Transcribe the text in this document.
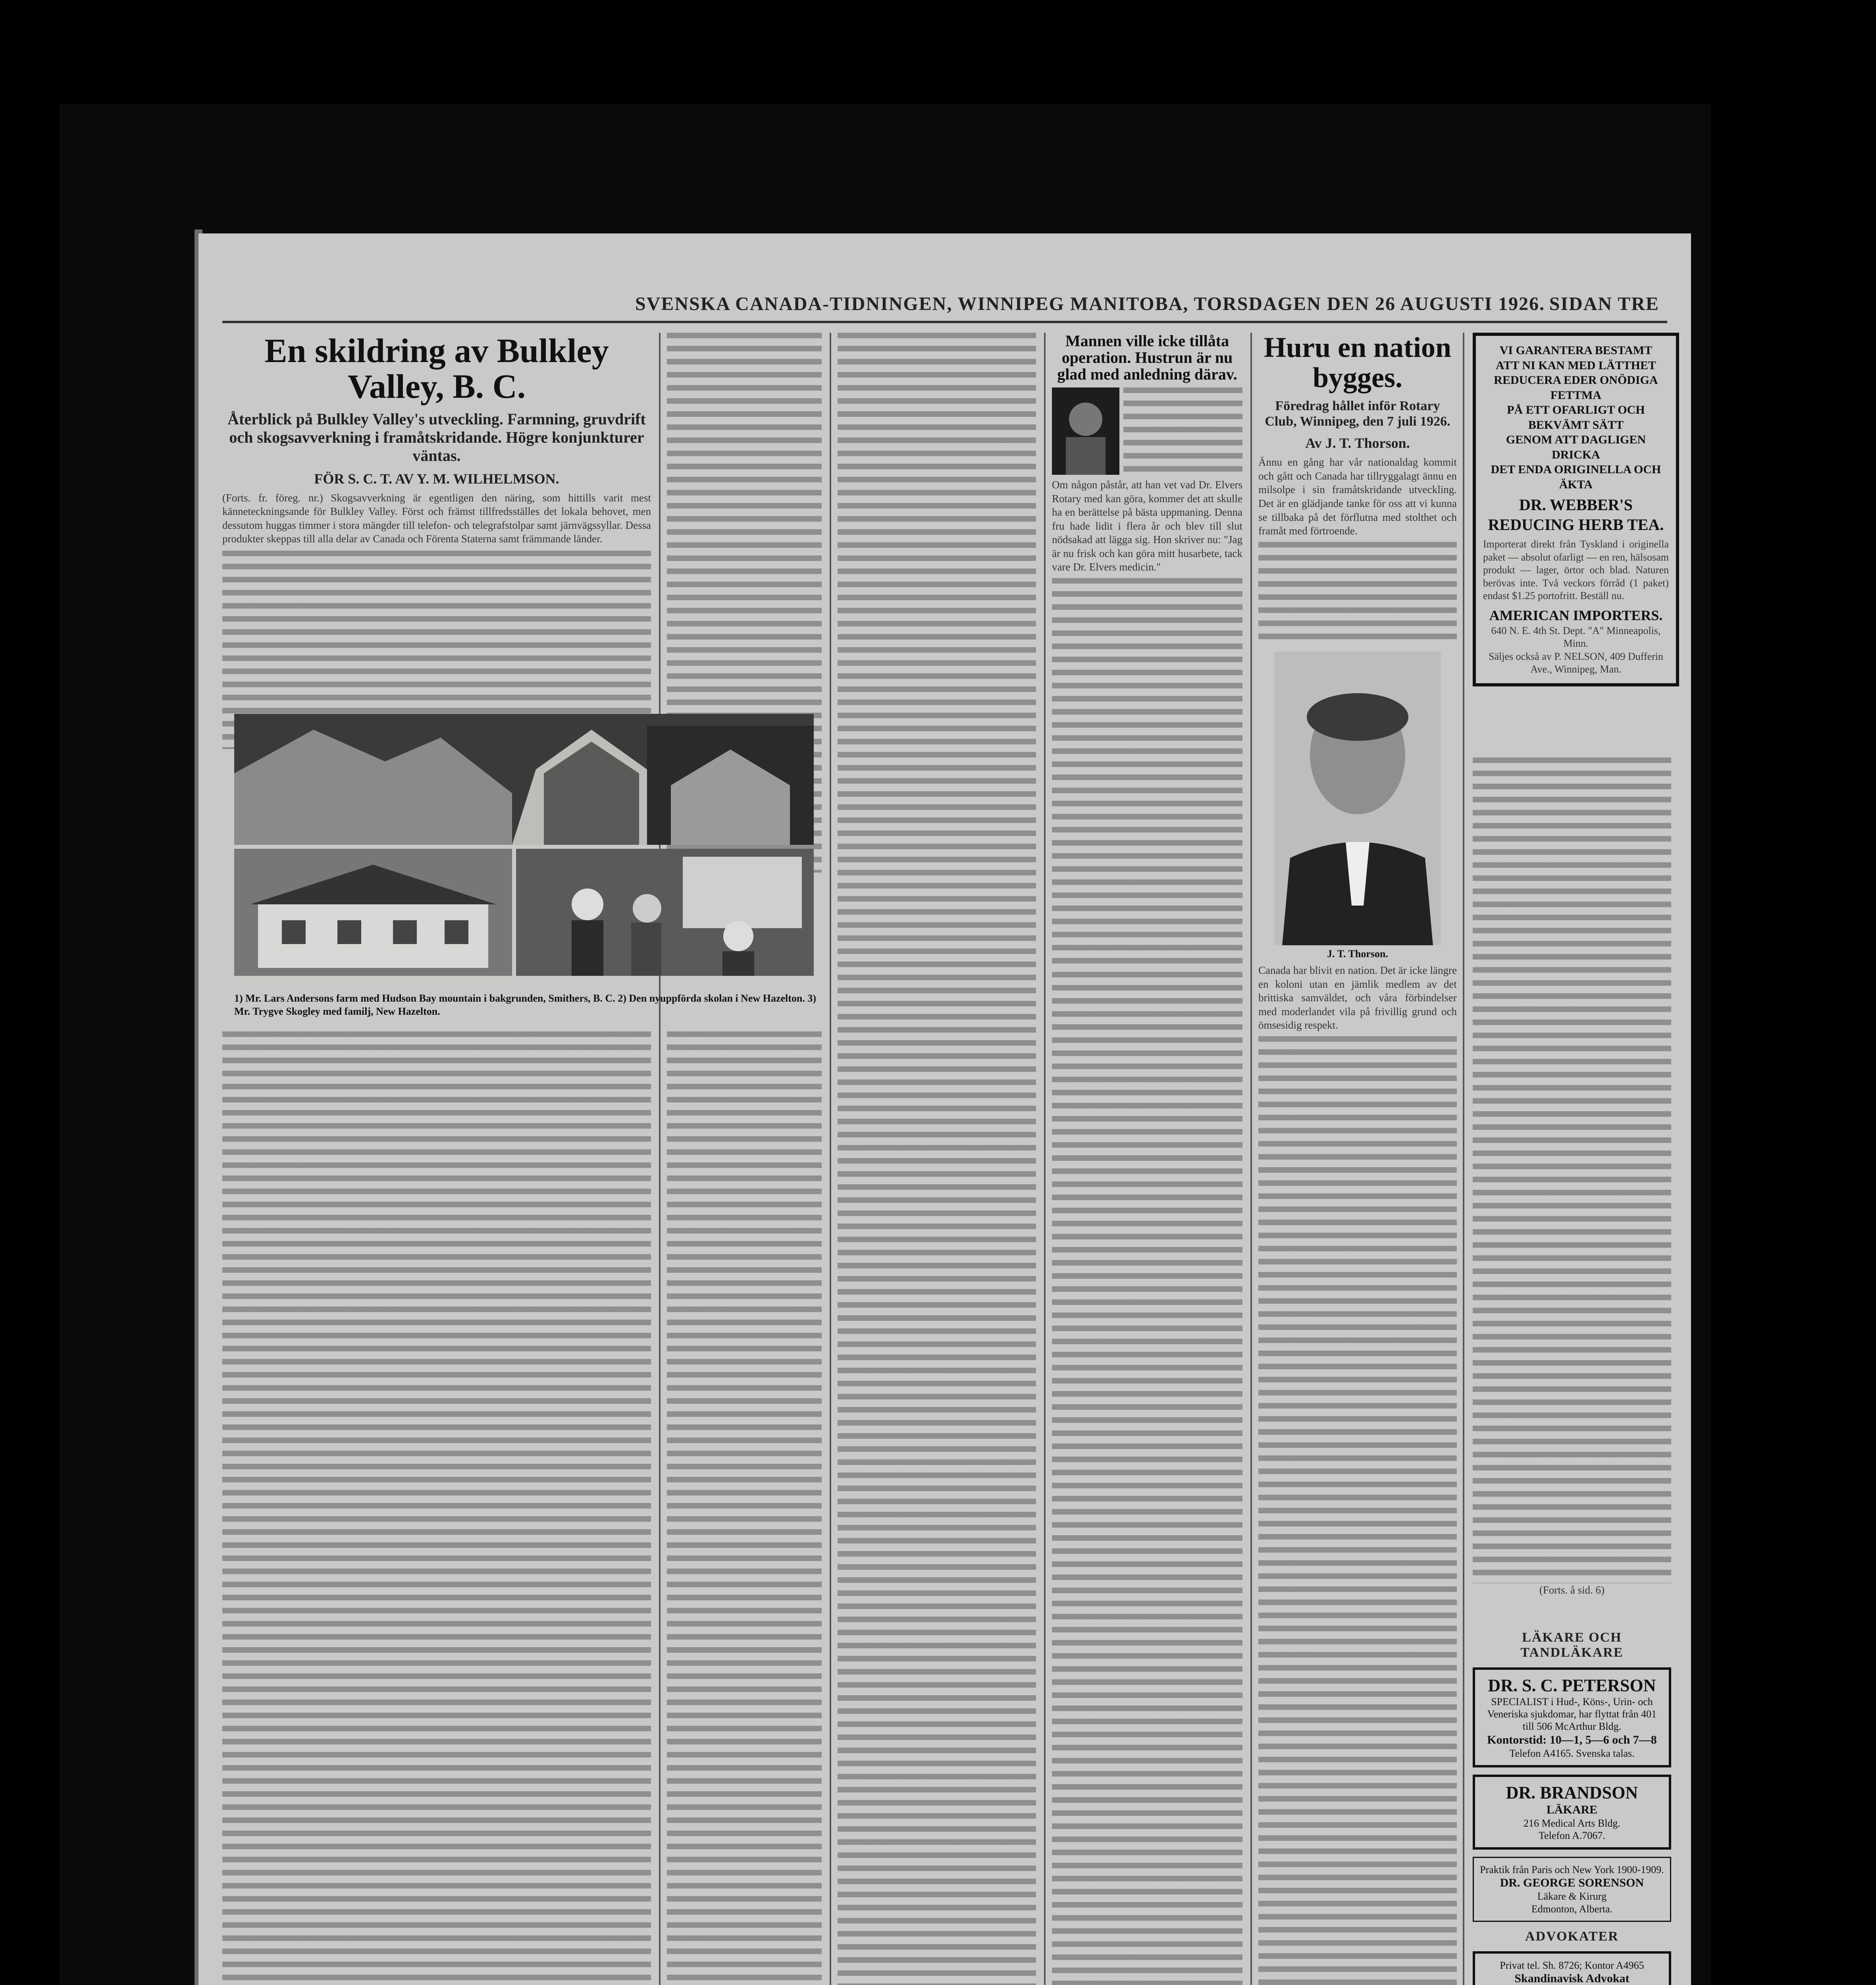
SVENSKA CANADA-TIDNINGEN, WINNIPEG MANITOBA, TORSDAGEN DEN 26 AUGUSTI 1926. SIDAN TRE
En skildring av Bulkley Valley, B. C.
Återblick på Bulkley Valley's utveckling. Farmning, gruvdrift och skogsavverkning i framåtskridande. Högre konjunkturer väntas.
FÖR S. C. T. AV Y. M. WILHELMSON.
(Forts. fr. föreg. nr.) Skogsavverkning är egentligen den näring, som hittills varit mest känneteckningsande för Bulkley Valley. Först och främst tillfredsställes det lokala behovet, men dessutom huggas timmer i stora mängder till telefon- och telegrafstolpar samt järnvägssyllar. Dessa produkter skeppas till alla delar av Canada och Förenta Staterna samt främmande länder.
1) Mr. Lars Andersons farm med Hudson Bay mountain i bakgrunden, Smithers, B. C. 2) Den nyuppförda skolan i New Hazelton. 3) Mr. Trygve Skogley med familj, New Hazelton.
Mannen ville icke tillåta operation. Hustrun är nu glad med anledning därav.
Om någon påstår, att han vet vad Dr. Elvers Rotary med kan göra, kommer det att skulle ha en berättelse på bästa uppmaning. Denna fru hade lidit i flera år och blev till slut nödsakad att lägga sig. Hon skriver nu: "Jag är nu frisk och kan göra mitt husarbete, tack vare Dr. Elvers medicin."
Huru en nation bygges.
Föredrag hållet inför Rotary Club, Winnipeg, den 7 juli 1926.
Av J. T. Thorson.
Ännu en gång har vår nationaldag kommit och gått och Canada har tillryggalagt ännu en milsolpe i sin framåtskridande utveckling. Det är en glädjande tanke för oss att vi kunna se tillbaka på det förflutna med stolthet och framåt med förtroende.
J. T. Thorson.
Canada har blivit en nation. Det är icke längre en koloni utan en jämlik medlem av det brittiska samväldet, och våra förbindelser med moderlandet vila på frivillig grund och ömsesidig respekt.
VI GARANTERA BESTAMT
ATT NI KAN MED LÄTTHET
REDUCERA EDER ONÖDIGA FETTMA
PÅ ETT OFARLIGT OCH BEKVÄMT SÄTT
GENOM ATT DAGLIGEN DRICKA
DET ENDA ORIGINELLA OCH ÄKTA
DR. WEBBER'S REDUCING HERB TEA.
Importerat direkt från Tyskland i originella paket — absolut ofarligt — en ren, hälsosam produkt — lager, örtor och blad. Naturen berövas inte. Två veckors förråd (1 paket) endast $1.25 portofritt. Beställ nu.
AMERICAN IMPORTERS.
640 N. E. 4th St. Dept. "A" Minneapolis, Minn.
Säljes också av P. NELSON, 409 Dufferin Ave., Winnipeg, Man.
(Forts. å sid. 6)
LÄKARE OCH TANDLÄKARE
DR. S. C. PETERSON
SPECIALIST i Hud-, Köns-, Urin- och Veneriska sjukdomar, har flyttat från 401 till 506 McArthur Bldg.
Kontorstid: 10—1, 5—6 och 7—8
Telefon A4165. Svenska talas.
DR. BRANDSON
LÄKARE
216 Medical Arts Bldg.
Telefon A.7067.
Praktik från Paris och New York 1900-1909.
DR. GEORGE SORENSON
Läkare & Kirurg
Edmonton, Alberta.
ADVOKATER
Privat tel. Sh. 8726; Kontor A4965
Skandinavisk Advokat
